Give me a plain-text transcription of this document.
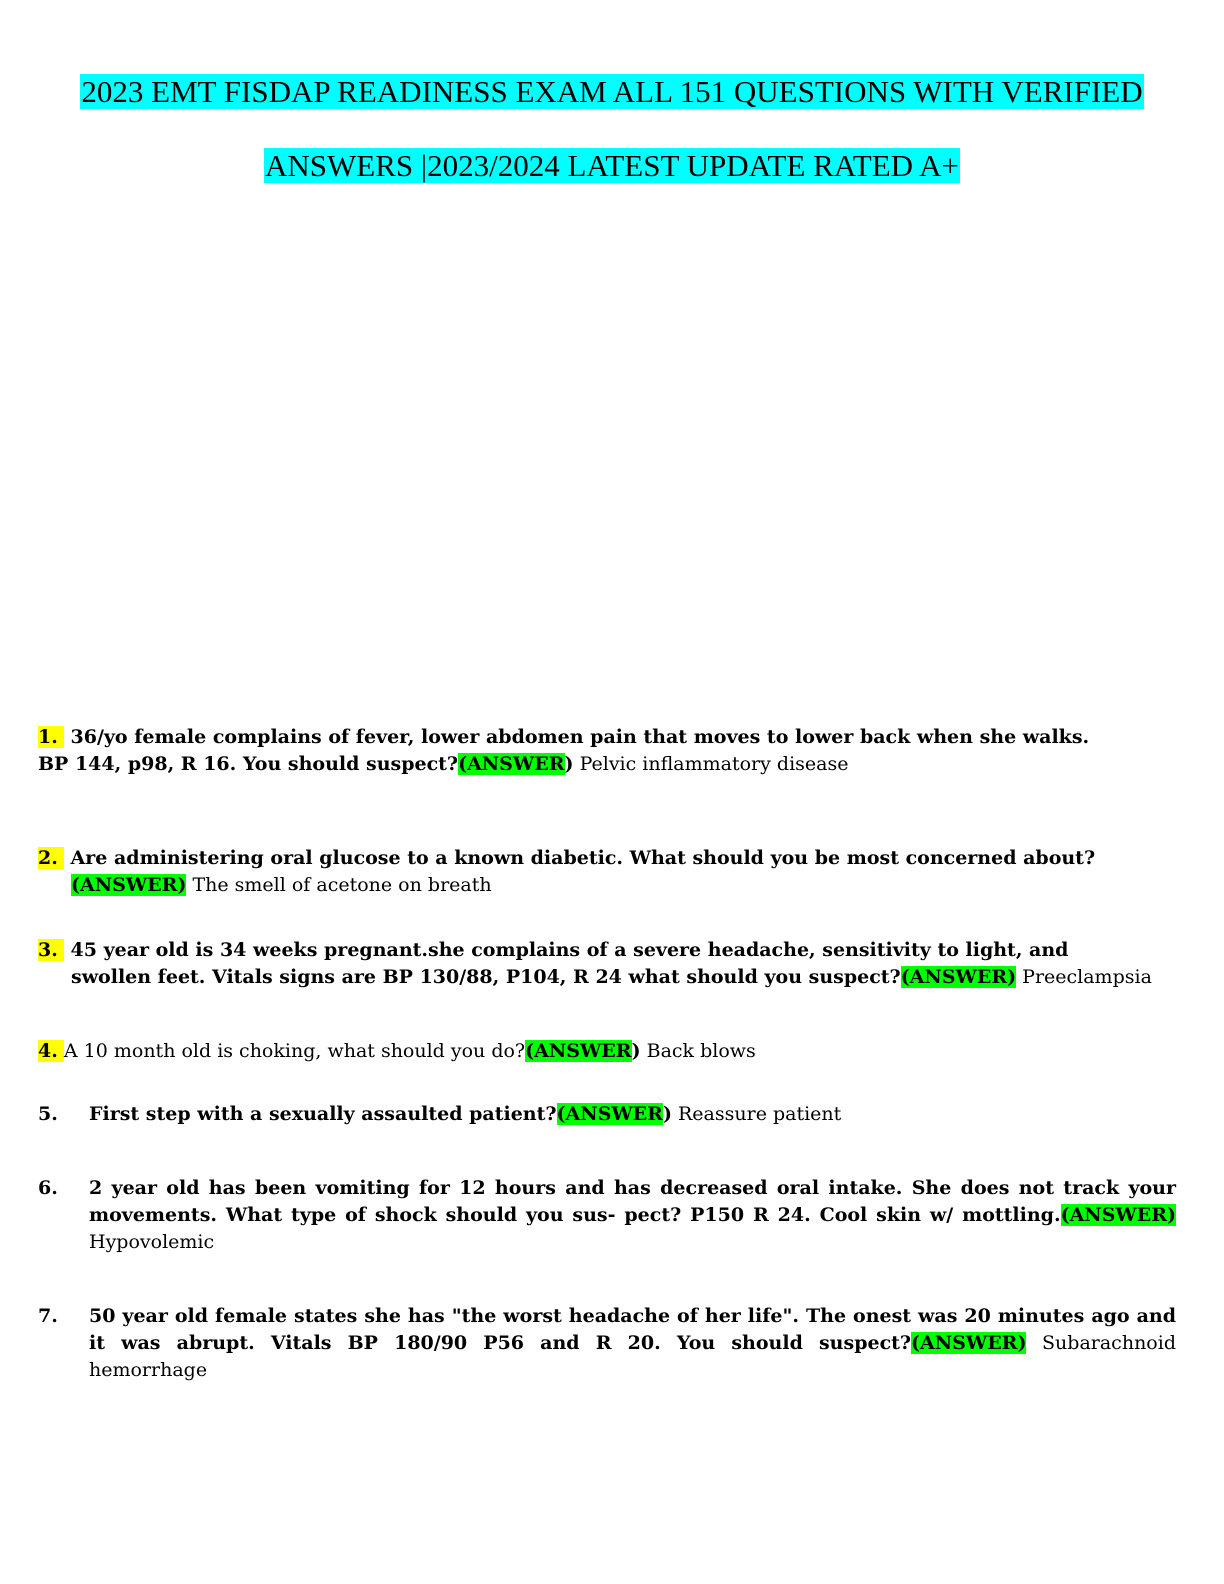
2023 EMT FISDAP READINESS EXAM ALL 151 QUESTIONS WITH VERIFIED
ANSWERS |2023/2024 LATEST UPDATE RATED A+
1. 36/yo female complains of fever, lower abdomen pain that moves to lower back when she walks.
BP 144, p98, R 16. You should suspect?(ANSWER) Pelvic inflammatory disease
2. Are administering oral glucose to a known diabetic. What should you be most concerned about?
(ANSWER) The smell of acetone on breath
3. 45 year old is 34 weeks pregnant.she complains of a severe headache, sensitivity to light, and
swollen feet. Vitals signs are BP 130/88, P104, R 24 what should you suspect?(ANSWER) Preeclampsia
4. A 10 month old is choking, what should you do?(ANSWER) Back blows
5.	First step with a sexually assaulted patient?(ANSWER) Reassure patient
6.	2 year old has been vomiting for 12 hours and has decreased oral intake. She does not track your movements. What type of shock should you sus- pect? P150 R 24. Cool skin w/ mottling.(ANSWER) Hypovolemic
7.	50 year old female states she has "the worst headache of her life". The onest was 20 minutes ago and it was abrupt. Vitals BP 180/90 P56 and R 20. You should suspect?(ANSWER) Subarachnoid hemorrhage
